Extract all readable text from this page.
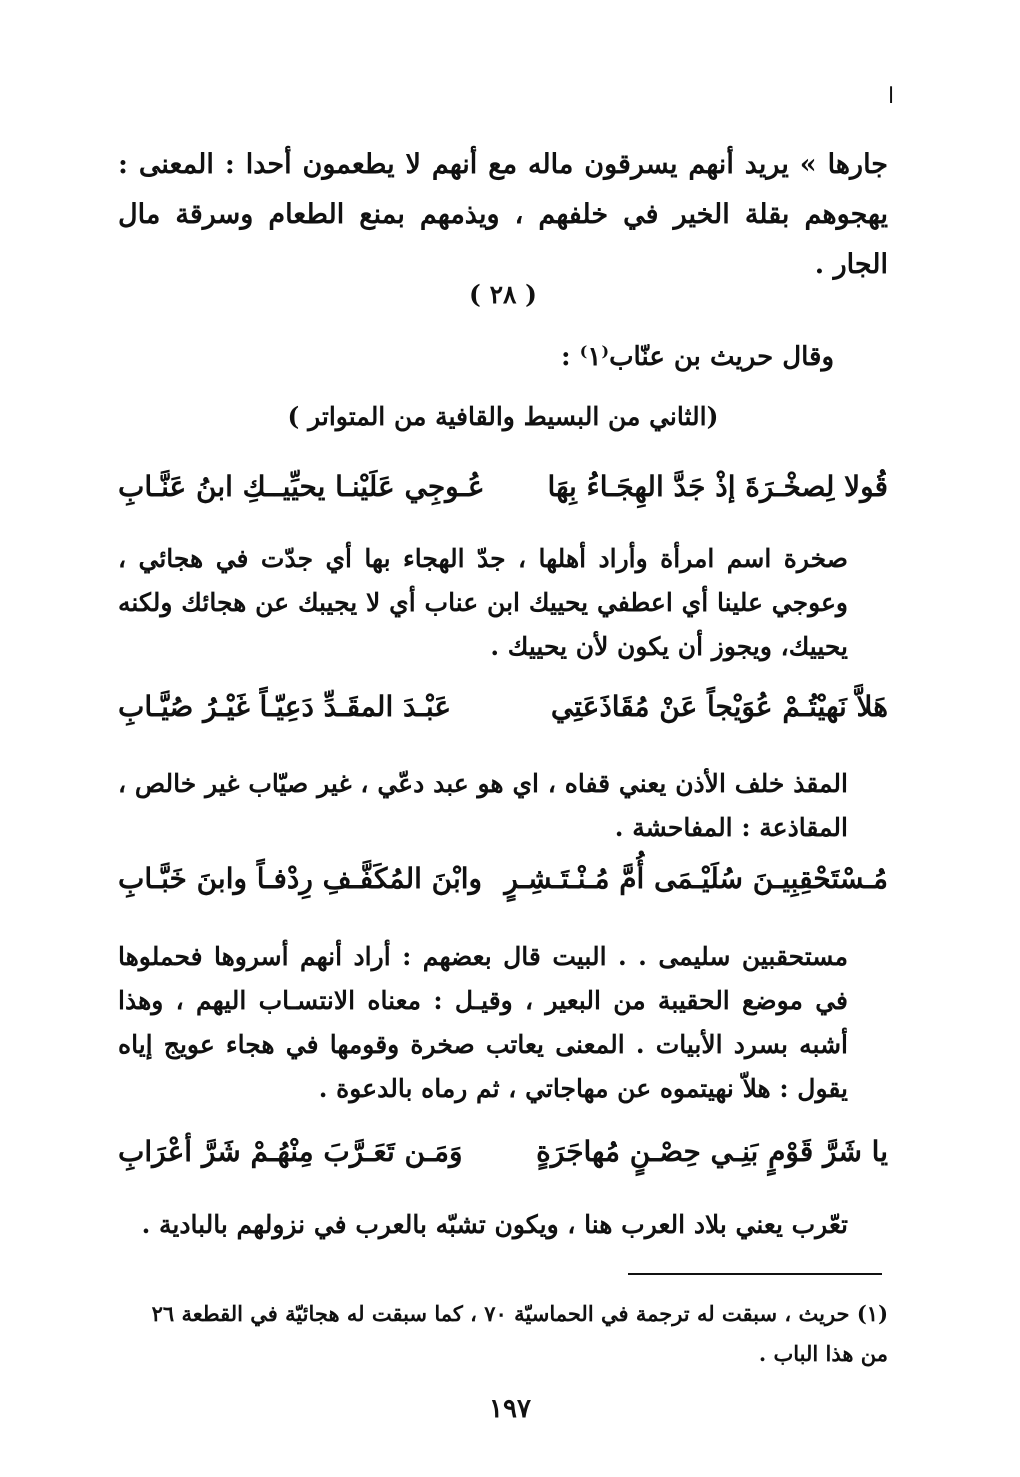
ا
جارها » يريد أنهم يسرقون ماله مع أنهم لا يطعمون أحدا : المعنى : يهجوهم بقلة الخير في خلفهم ، ويذمهم بمنع الطعام وسرقة مال الجار .
( ٢٨ )
وقال حريث بن عنّاب⁽١⁾ :
(الثاني من البسيط والقافية من المتواتر )
قُولا لِصخْـرَةَ إذْ جَدَّ الهِجَـاءُ بِهَا
عُـوجِي عَلَيْنـا يحيِّيــكِ ابنُ عَنَّـابِ
صخرة اسم امرأة وأراد أهلها ، جدّ الهجاء بها أي جدّت في هجائي ، وعوجي علينا أي اعطفي يحييك ابن عناب أي لا يجيبك عن هجائك ولكنه يحييك، ويجوز أن يكون لأن يحييك .
هَلاَّ نَهيْتُـمْ عُوَيْجاً عَنْ مُقَاذَعَتِي
عَبْـدَ المقَـدِّ دَعِيّـاً غَيْـرُ صُيَّـابِ
المقذ خلف الأذن يعني قفاه ، اي هو عبد دعّي ، غير صيّاب غير خالص ، المقاذعة : المفاحشة .
مُـسْتَحْقِبِيـنَ سُلَيْـمَى أُمَّ مُـنْـتَـشِـرٍ
وابْنَ المُكَفَّـفِ رِدْفـاً وابنَ خَبَّـابِ
مستحقبين سليمى . . البيت قال بعضهم : أراد أنهم أسروها فحملوها في موضع الحقيبة من البعير ، وقيـل : معناه الانتسـاب اليهم ، وهذا أشبه بسرد الأبيات . المعنى يعاتب صخرة وقومها في هجاء عويج إياه يقول : هلاّ نهيتموه عن مهاجاتي ، ثم رماه بالدعوة .
يا شَرَّ قَوْمٍ بَنِـي حِصْـنٍ مُهاجَرَةٍ
وَمَـن تَعَـرَّبَ مِنْهُـمْ شَرَّ أعْرَابِ
تعّرب يعني بلاد العرب هنا ، ويكون تشبّه بالعرب في نزولهم بالبادية .
(١) حريث ، سبقت له ترجمة في الحماسيّة ٧٠ ، كما سبقت له هجائيّة في القطعة ٢٦ من هذا الباب .
١٩٧
